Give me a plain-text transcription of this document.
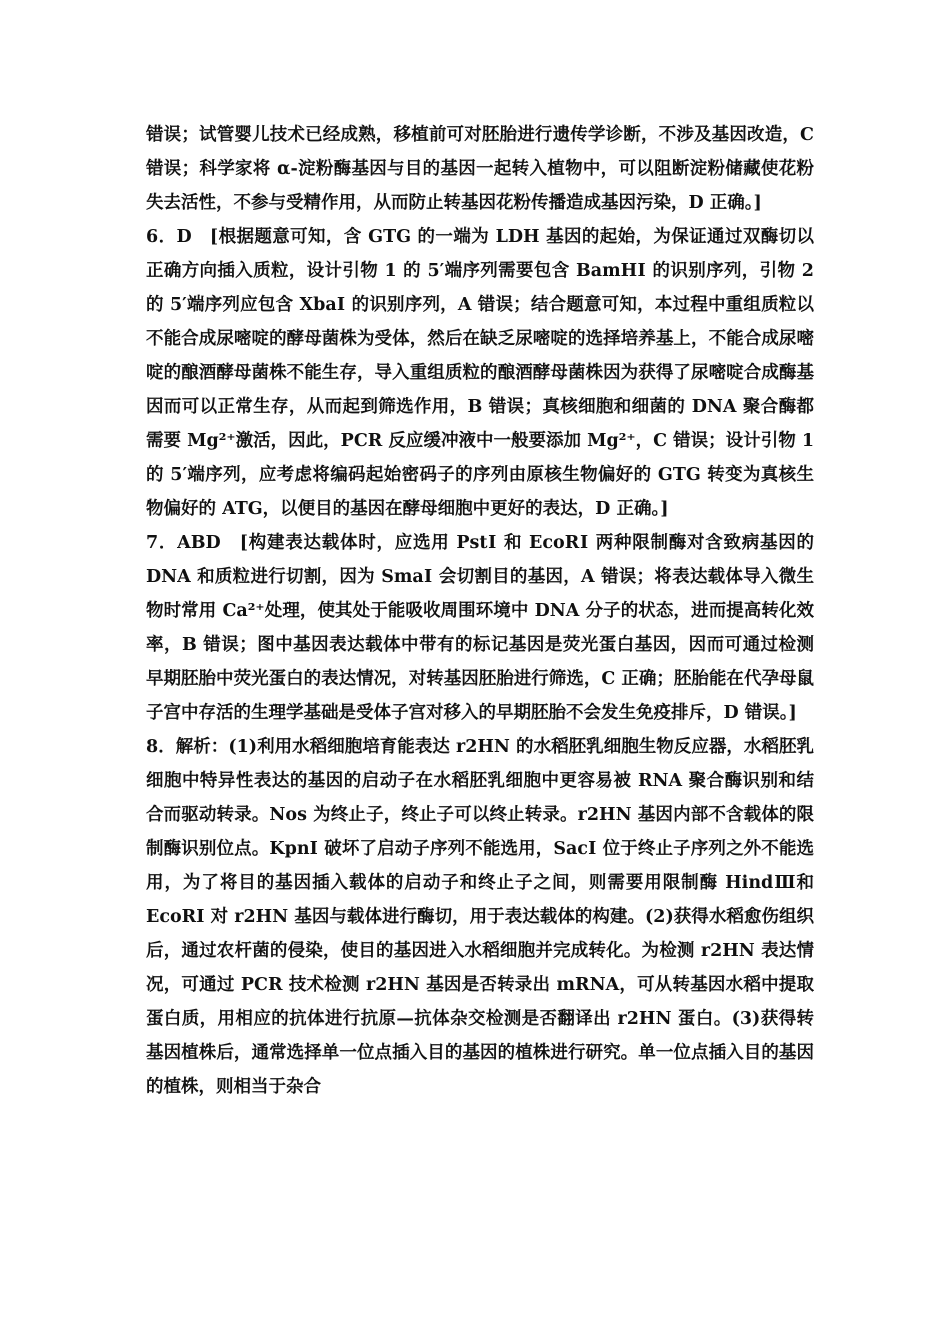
错误；试管婴儿技术已经成熟，移植前可对胚胎进行遗传学诊断，不涉及基因改造，C 错误；科学家将 α-淀粉酶基因与目的基因一起转入植物中，可以阻断淀粉储藏使花粉失去活性，不参与受精作用，从而防止转基因花粉传播造成基因污染，D 正确。]

6．D　[根据题意可知，含 GTG 的一端为 LDH 基因的起始，为保证通过双酶切以正确方向插入质粒，设计引物 1 的 5′端序列需要包含 BamHⅠ 的识别序列，引物 2 的 5′端序列应包含 XbaⅠ 的识别序列，A 错误；结合题意可知，本过程中重组质粒以不能合成尿嘧啶的酵母菌株为受体，然后在缺乏尿嘧啶的选择培养基上，不能合成尿嘧啶的酿酒酵母菌株不能生存，导入重组质粒的酿酒酵母菌株因为获得了尿嘧啶合成酶基因而可以正常生存，从而起到筛选作用，B 错误；真核细胞和细菌的 DNA 聚合酶都需要 Mg²⁺激活，因此，PCR 反应缓冲液中一般要添加 Mg²⁺，C 错误；设计引物 1 的 5′端序列，应考虑将编码起始密码子的序列由原核生物偏好的 GTG 转变为真核生物偏好的 ATG，以便目的基因在酵母细胞中更好的表达，D 正确。]

7．ABD　[构建表达载体时，应选用 PstⅠ 和 EcoRⅠ 两种限制酶对含致病基因的 DNA 和质粒进行切割，因为 SmaⅠ 会切割目的基因，A 错误；将表达载体导入微生物时常用 Ca²⁺处理，使其处于能吸收周围环境中 DNA 分子的状态，进而提高转化效率，B 错误；图中基因表达载体中带有的标记基因是荧光蛋白基因，因而可通过检测早期胚胎中荧光蛋白的表达情况，对转基因胚胎进行筛选，C 正确；胚胎能在代孕母鼠子宫中存活的生理学基础是受体子宫对移入的早期胚胎不会发生免疫排斥，D 错误。]

8．解析：(1)利用水稻细胞培育能表达 r2HN 的水稻胚乳细胞生物反应器，水稻胚乳细胞中特异性表达的基因的启动子在水稻胚乳细胞中更容易被 RNA 聚合酶识别和结合而驱动转录。Nos 为终止子，终止子可以终止转录。r2HN 基因内部不含载体的限制酶识别位点。KpnⅠ 破坏了启动子序列不能选用，SacⅠ 位于终止子序列之外不能选用，为了将目的基因插入载体的启动子和终止子之间，则需要用限制酶 HindⅢ和 EcoRⅠ 对 r2HN 基因与载体进行酶切，用于表达载体的构建。(2)获得水稻愈伤组织后，通过农杆菌的侵染，使目的基因进入水稻细胞并完成转化。为检测 r2HN 表达情况，可通过 PCR 技术检测 r2HN 基因是否转录出 mRNA，可从转基因水稻中提取蛋白质，用相应的抗体进行抗原—抗体杂交检测是否翻译出 r2HN 蛋白。(3)获得转基因植株后，通常选择单一位点插入目的基因的植株进行研究。单一位点插入目的基因的植株，则相当于杂合
